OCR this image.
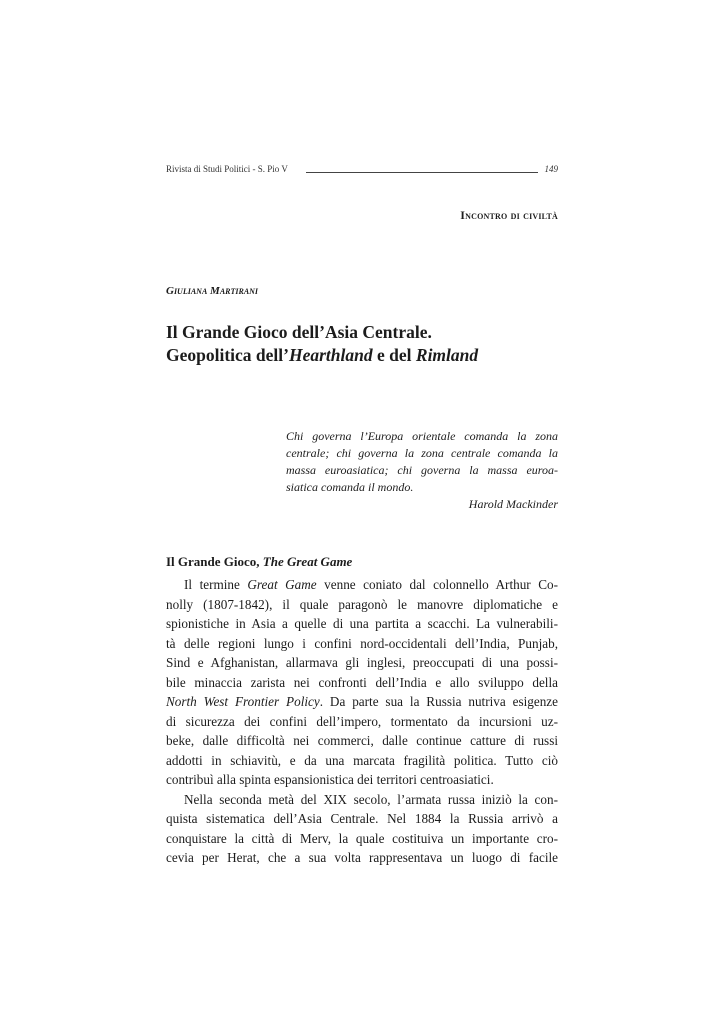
Rivista di Studi Politici - S. Pio V	149
Incontro di civiltà
Giuliana Martirani
Il Grande Gioco dell’Asia Centrale.
Geopolitica dell’Hearthland e del Rimland
Chi governa l’Europa orientale comanda la zona
centrale; chi governa la zona centrale comanda la
massa euroasiatica; chi governa la massa euroa-
siatica comanda il mondo.
Harold Mackinder
Il Grande Gioco, The Great Game
Il termine Great Game venne coniato dal colonnello Arthur Co-
nolly (1807-1842), il quale paragonò le manovre diplomatiche e
spionistiche in Asia a quelle di una partita a scacchi. La vulnerabili-
tà delle regioni lungo i confini nord-occidentali dell’India, Punjab,
Sind e Afghanistan, allarmava gli inglesi, preoccupati di una possi-
bile minaccia zarista nei confronti dell’India e allo sviluppo della
North West Frontier Policy. Da parte sua la Russia nutriva esigenze
di sicurezza dei confini dell’impero, tormentato da incursioni uz-
beke, dalle difficoltà nei commerci, dalle continue catture di russi
addotti in schiavitù, e da una marcata fragilità politica. Tutto ciò
contribuì alla spinta espansionistica dei territori centroasiatici.
Nella seconda metà del XIX secolo, l’armata russa iniziò la con-
quista sistematica dell’Asia Centrale. Nel 1884 la Russia arrivò a
conquistare la città di Merv, la quale costituiva un importante cro-
cevia per Herat, che a sua volta rappresentava un luogo di facile
